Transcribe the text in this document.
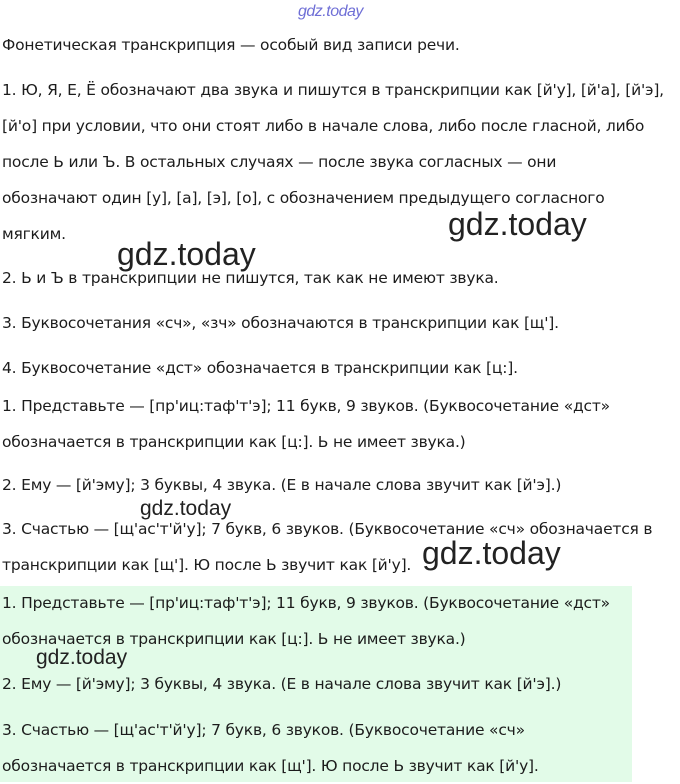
gdz.today

Фонетическая транскрипция — особый вид записи речи.

1. Ю, Я, Е, Ё обозначают два звука и пишутся в транскрипции как [й'у], [й'а], [й'э],
[й'о] при условии, что они стоят либо в начале слова, либо после гласной, либо
после Ь или Ъ. В остальных случаях — после звука согласных — они
обозначают один [у], [а], [э], [о], с обозначением предыдущего согласного
мягким.

2. Ь и Ъ в транскрипции не пишутся, так как не имеют звука.

3. Буквосочетания «сч», «зч» обозначаются в транскрипции как [щ'].

4. Буквосочетание «дст» обозначается в транскрипции как [ц:].

1. Представьте — [пр'иц:таф'т'э]; 11 букв, 9 звуков. (Буквосочетание «дст»
обозначается в транскрипции как [ц:]. Ь не имеет звука.)

2. Ему — [й'эму]; 3 буквы, 4 звука. (Е в начале слова звучит как [й'э].)

3. Счастью — [щ'ас'т'й'у]; 7 букв, 6 звуков. (Буквосочетание «сч» обозначается в
транскрипции как [щ']. Ю после Ь звучит как [й'у].

1. Представьте — [пр'иц:таф'т'э]; 11 букв, 9 звуков. (Буквосочетание «дст»
обозначается в транскрипции как [ц:]. Ь не имеет звука.)

2. Ему — [й'эму]; 3 буквы, 4 звука. (Е в начале слова звучит как [й'э].)

3. Счастью — [щ'ас'т'й'у]; 7 букв, 6 звуков. (Буквосочетание «сч»
обозначается в транскрипции как [щ']. Ю после Ь звучит как [й'у].

gdz.today
gdz.today
gdz.today
gdz.today
gdz.today
